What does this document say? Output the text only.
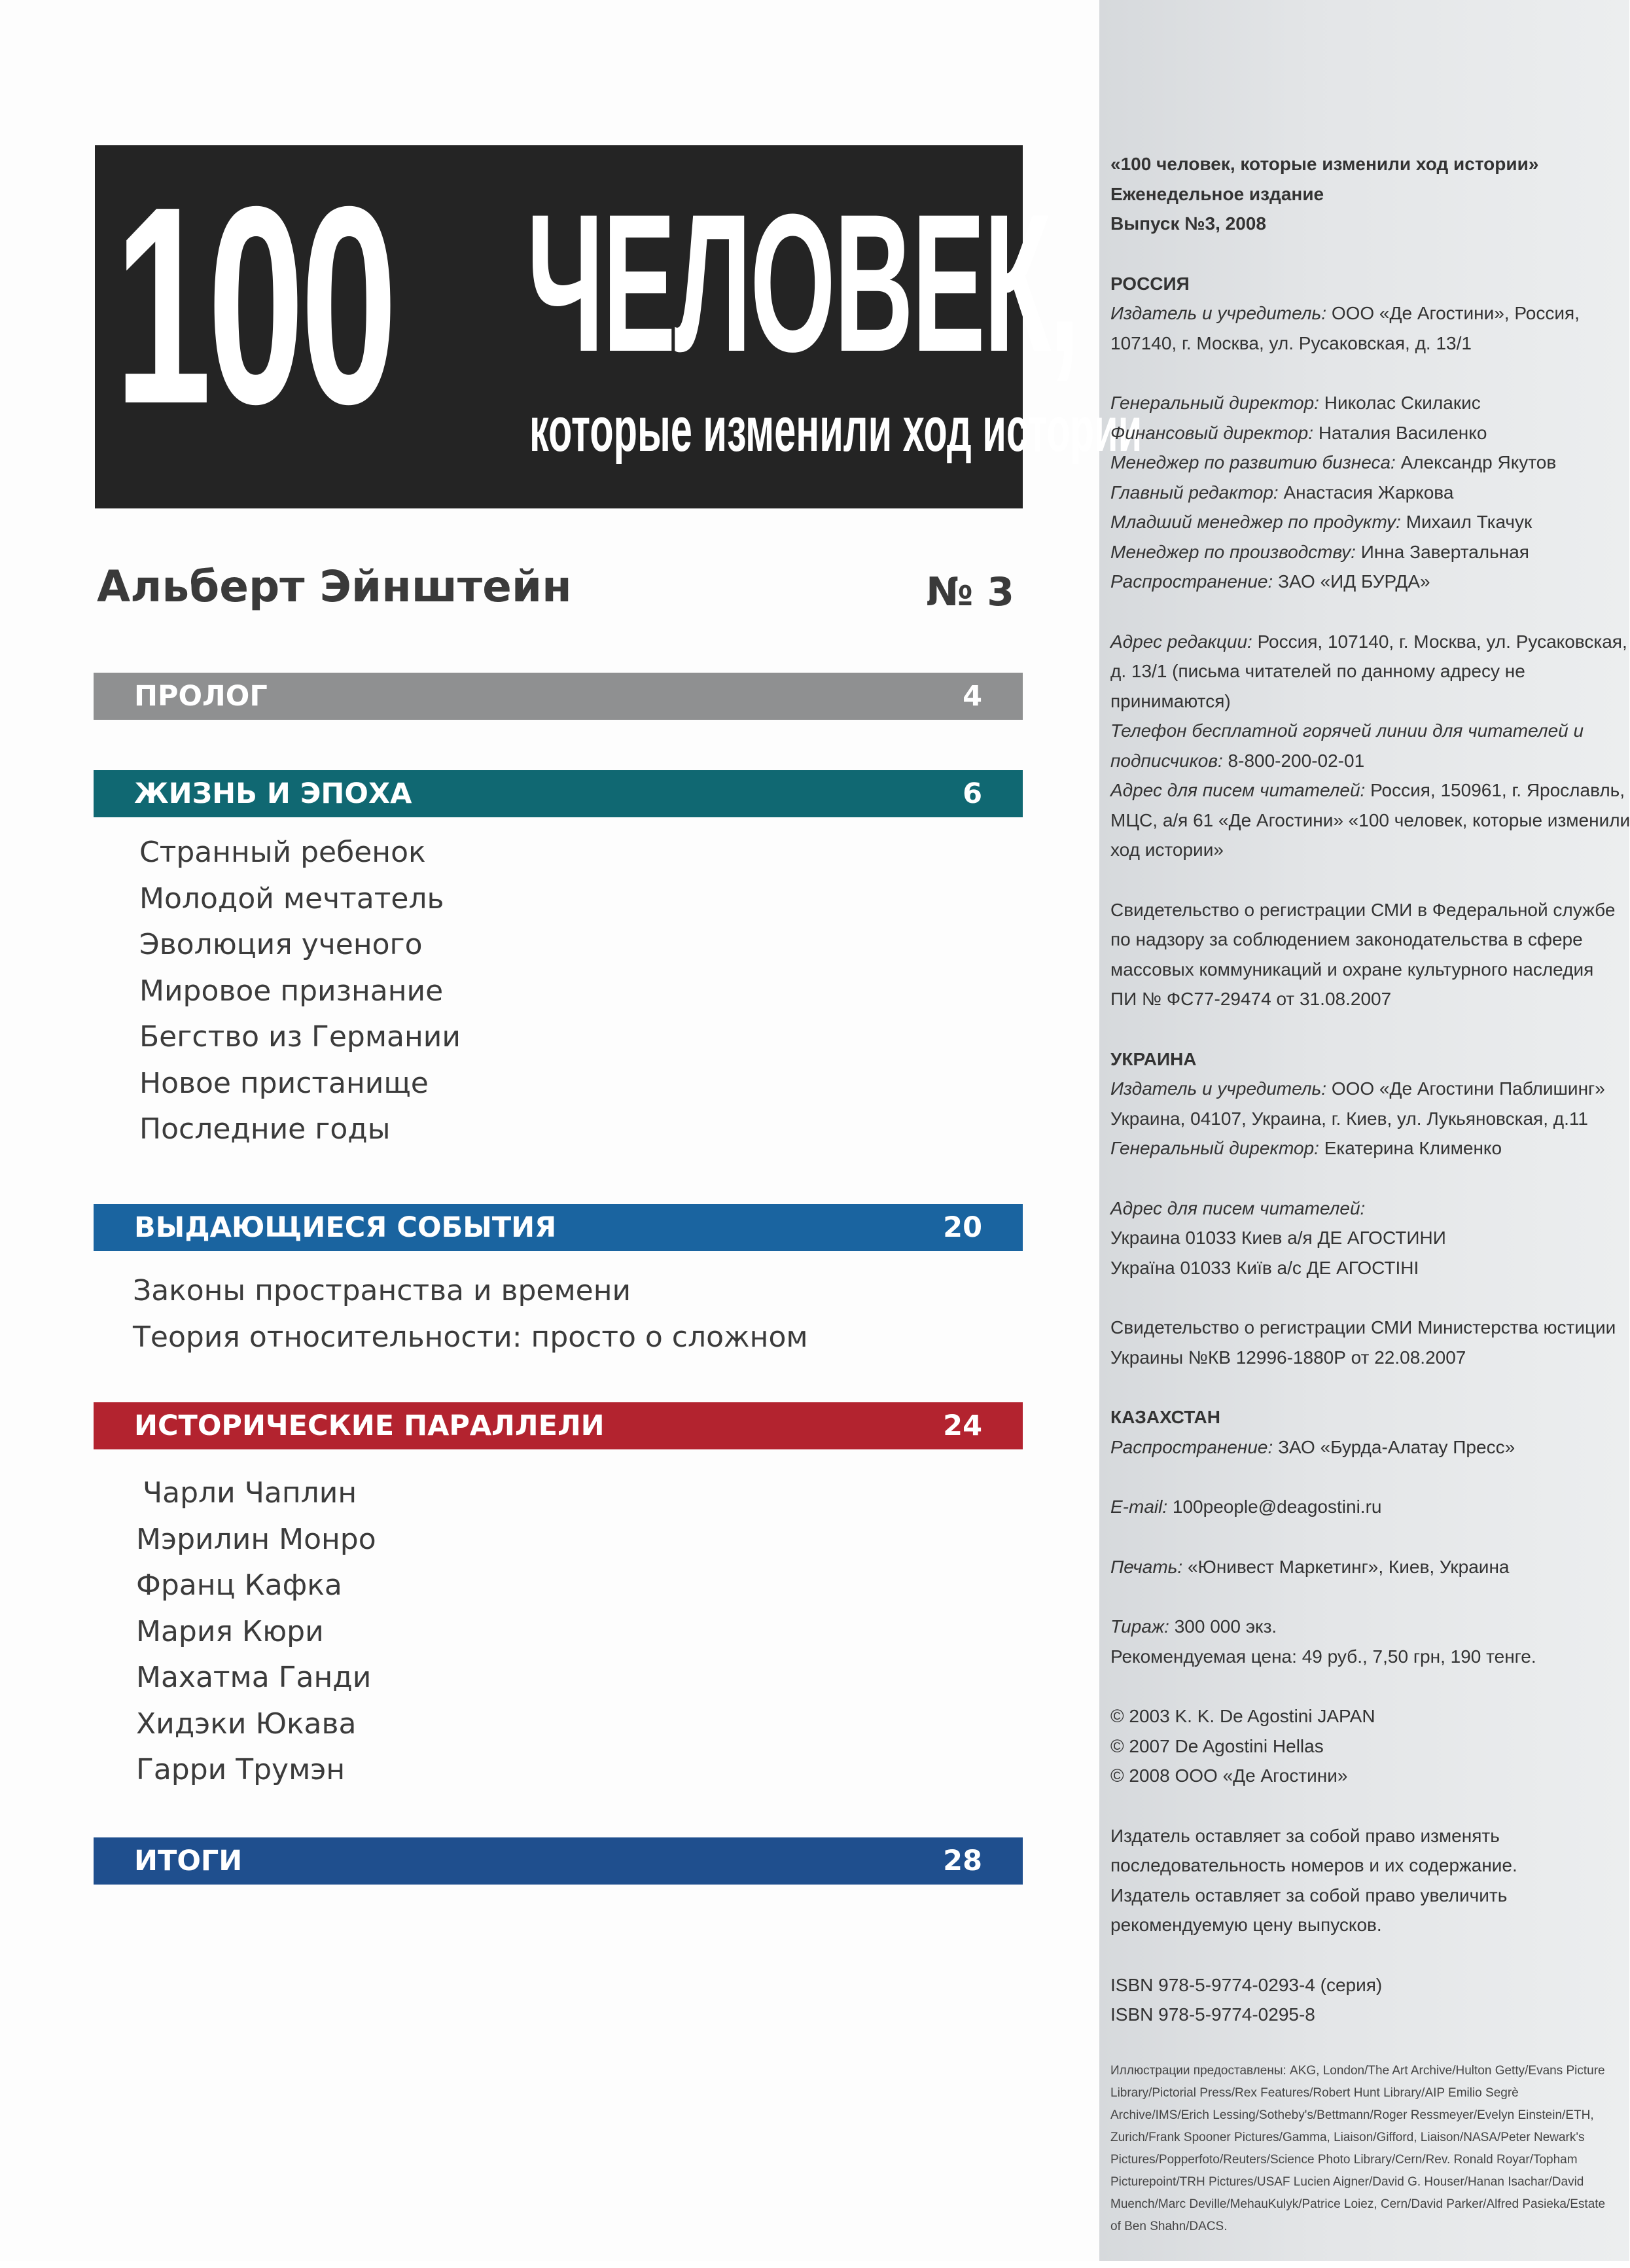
100 ЧЕЛОВЕК,
которые изменили ход истории
Альберт Эйнштейн	№ 3
ПРОЛОГ	4
ЖИЗНЬ И ЭПОХА	6
Странный ребенок
Молодой мечтатель
Эволюция ученого
Мировое признание
Бегство из Германии
Новое пристанище
Последние годы
ВЫДАЮЩИЕСЯ СОБЫТИЯ	20
Законы пространства и времени
Теория относительности: просто о сложном
ИСТОРИЧЕСКИЕ ПАРАЛЛЕЛИ	24
Чарли Чаплин
Мэрилин Монро
Франц Кафка
Мария Кюри
Махатма Ганди
Хидэки Юкава
Гарри Трумэн
ИТОГИ	28

«100 человек, которые изменили ход истории»
Еженедельное издание
Выпуск №3, 2008

РОССИЯ
Издатель и учредитель: ООО «Де Агостини», Россия,
107140, г. Москва, ул. Русаковская, д. 13/1

Генеральный директор: Николас Скилакис
Финансовый директор: Наталия Василенко
Менеджер по развитию бизнеса: Александр Якутов
Главный редактор: Анастасия Жаркова
Младший менеджер по продукту: Михаил Ткачук
Менеджер по производству: Инна Завертальная
Распространение: ЗАО «ИД БУРДА»

Адрес редакции: Россия, 107140, г. Москва, ул. Русаковская,
д. 13/1 (письма читателей по данному адресу не
принимаются)
Телефон бесплатной горячей линии для читателей и
подписчиков: 8-800-200-02-01
Адрес для писем читателей: Россия, 150961, г. Ярославль,
МЦС, а/я 61 «Де Агостини» «100 человек, которые изменили
ход истории»

Свидетельство о регистрации СМИ в Федеральной службе
по надзору за соблюдением законодательства в сфере
массовых коммуникаций и охране культурного наследия
ПИ № ФС77-29474 от 31.08.2007

УКРАИНА
Издатель и учредитель: ООО «Де Агостини Паблишинг»
Украина, 04107, Украина, г. Киев, ул. Лукьяновская, д.11
Генеральный директор: Екатерина Клименко

Адрес для писем читателей:
Украина 01033 Киев а/я ДЕ АГОСТИНИ
Україна 01033 Київ а/с ДЕ АГОСТІНІ

Свидетельство о регистрации СМИ Министерства юстиции
Украины №КВ 12996-1880Р от 22.08.2007

КАЗАХСТАН
Распространение: ЗАО «Бурда-Алатау Пресс»

E-mail: 100people@deagostini.ru

Печать: «Юнивест Маркетинг», Киев, Украина

Тираж: 300 000 экз.
Рекомендуемая цена: 49 руб., 7,50 грн, 190 тенге.

© 2003 K. K. De Agostini JAPAN
© 2007 De Agostini Hellas
© 2008 ООО «Де Агостини»

Издатель оставляет за собой право изменять
последовательность номеров и их содержание.
Издатель оставляет за собой право увеличить
рекомендуемую цену выпусков.

ISBN 978-5-9774-0293-4 (серия)
ISBN 978-5-9774-0295-8

Иллюстрации предоставлены: AKG, London/The Art Archive/Hulton Getty/Evans Picture Library/Pictorial Press/Rex Features/Robert Hunt Library/AIP Emilio Segrè Archive/IMS/Erich Lessing/Sotheby's/Bettmann/Roger Ressmeyer/Evelyn Einstein/ETH, Zurich/Frank Spooner Pictures/Gamma, Liaison/Gifford, Liaison/NASA/Peter Newark's Pictures/Popperfoto/Reuters/Science Photo Library/Cern/Rev. Ronald Royar/Topham Picturepoint/TRH Pictures/USAF Lucien Aigner/David G. Houser/Hanan Isachar/David Muench/Marc Deville/MehauKulyk/Patrice Loiez, Cern/David Parker/Alfred Pasieka/Estate of Ben Shahn/DACS.
